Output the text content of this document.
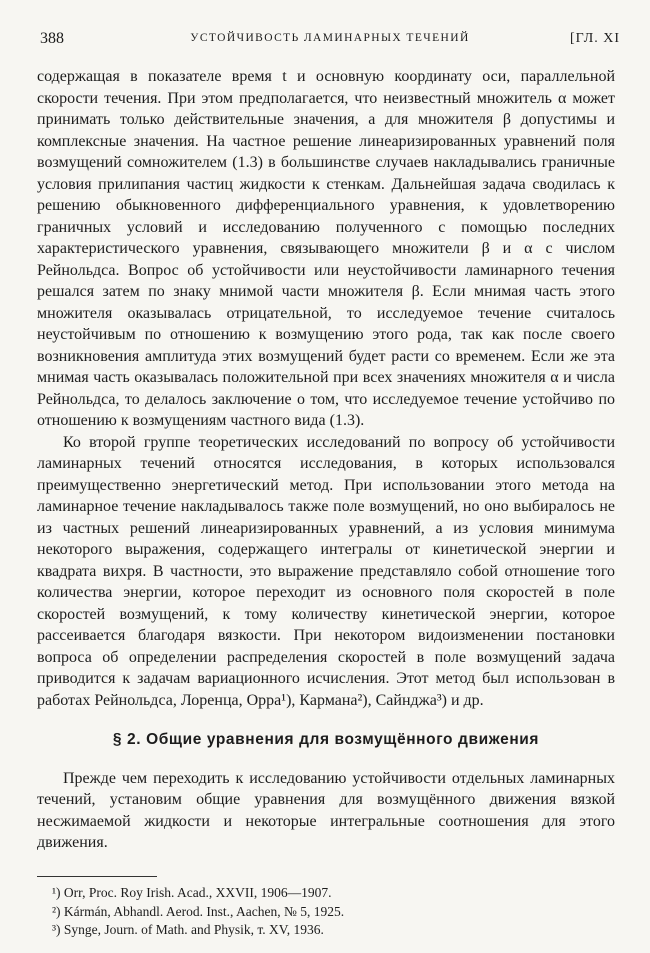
388	УСТОЙЧИВОСТЬ ЛАМИНАРНЫХ ТЕЧЕНИЙ	[ГЛ. XI

содержащая в показателе время t и основную координату оси, параллельной скорости течения. При этом предполагается, что неизвестный множитель α может принимать только действительные значения, а для множителя β допустимы и комплексные значения. На частное решение линеаризированных уравнений поля возмущений сомножителем (1.3) в большинстве случаев накладывались граничные условия прилипания частиц жидкости к стенкам. Дальнейшая задача сводилась к решению обыкновенного дифференциального уравнения, к удовлетворению граничных условий и исследованию полученного с помощью последних характеристического уравнения, связывающего множители β и α с числом Рейнольдса. Вопрос об устойчивости или неустойчивости ламинарного течения решался затем по знаку мнимой части множителя β. Если мнимая часть этого множителя оказывалась отрицательной, то исследуемое течение считалось неустойчивым по отношению к возмущению этого рода, так как после своего возникновения амплитуда этих возмущений будет расти со временем. Если же эта мнимая часть оказывалась положительной при всех значениях множителя α и числа Рейнольдса, то делалось заключение о том, что исследуемое течение устойчиво по отношению к возмущениям частного вида (1.3).

Ко второй группе теоретических исследований по вопросу об устойчивости ламинарных течений относятся исследования, в которых использовался преимущественно энергетический метод. При использовании этого метода на ламинарное течение накладывалось также поле возмущений, но оно выбиралось не из частных решений линеаризированных уравнений, а из условия минимума некоторого выражения, содержащего интегралы от кинетической энергии и квадрата вихря. В частности, это выражение представляло собой отношение того количества энергии, которое переходит из основного поля скоростей в поле скоростей возмущений, к тому количеству кинетической энергии, которое рассеивается благодаря вязкости. При некотором видоизменении постановки вопроса об определении распределения скоростей в поле возмущений задача приводится к задачам вариационного исчисления. Этот метод был использован в работах Рейнольдса, Лоренца, Орра¹), Кармана²), Сайнджа³) и др.

§ 2. Общие уравнения для возмущённого движения

Прежде чем переходить к исследованию устойчивости отдельных ламинарных течений, установим общие уравнения для возмущённого движения вязкой несжимаемой жидкости и некоторые интегральные соотношения для этого движения.

¹) Orr, Proc. Roy Irish. Acad., XXVII, 1906—1907.
²) Kármán, Abhandl. Aerod. Inst., Aachen, № 5, 1925.
³) Synge, Journ. of Math. and Physik, т. XV, 1936.
